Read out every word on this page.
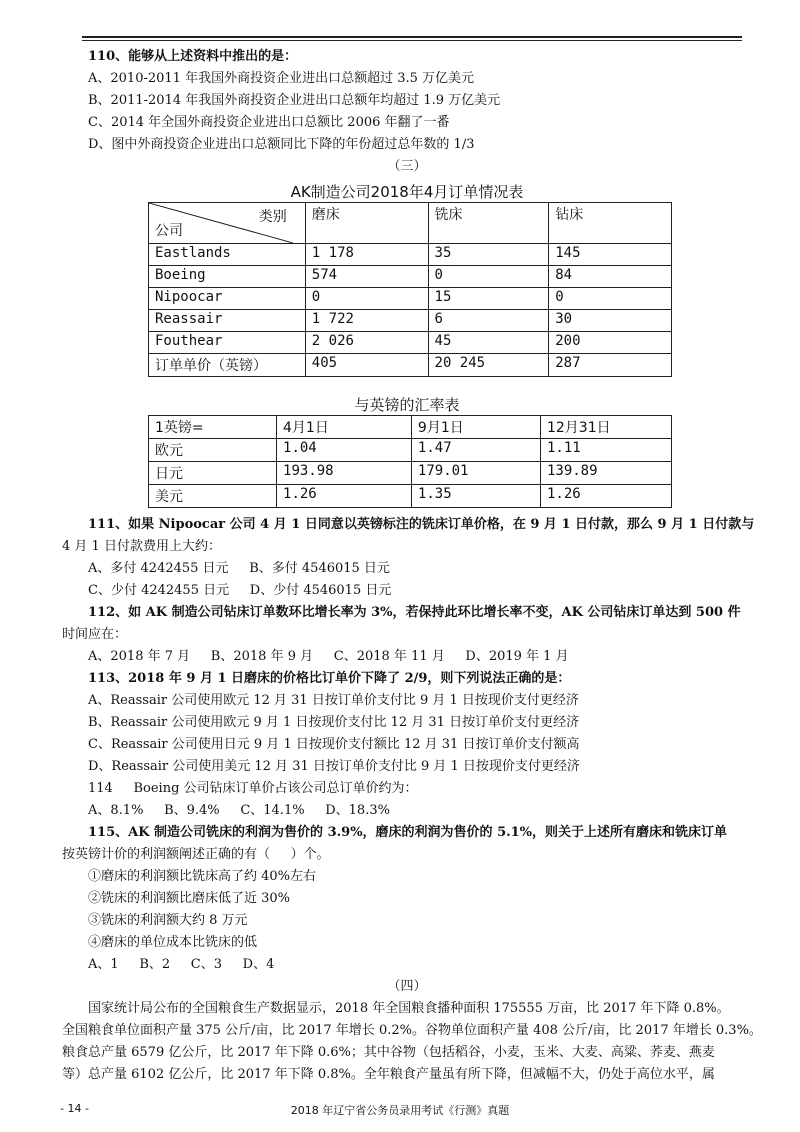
110、能够从上述资料中推出的是：
A、2010-2011 年我国外商投资企业进出口总额超过 3.5 万亿美元
B、2011-2014 年我国外商投资企业进出口总额年均超过 1.9 万亿美元
C、2014 年全国外商投资企业进出口总额比 2006 年翻了一番
D、图中外商投资企业进出口总额同比下降的年份超过总年数的 1/3
（三）
AK制造公司2018年4月订单情况表
类别
公司	磨床	铣床	钻床
Eastlands	1 178	35	145
Boeing	574	0	84
Nipoocar	0	15	0
Reassair	1 722	6	30
Fouthear	2 026	45	200
订单单价（英镑）	405	20 245	287
与英镑的汇率表
1英镑=	4月1日	9月1日	12月31日
欧元	1.04	1.47	1.11
日元	193.98	179.01	139.89
美元	1.26	1.35	1.26
111、如果 Nipoocar 公司 4 月 1 日同意以英镑标注的铣床订单价格，在 9 月 1 日付款，那么 9 月 1 日付款与
4 月 1 日付款费用上大约：
A、多付 4242455 日元     B、多付 4546015 日元
C、少付 4242455 日元     D、少付 4546015 日元
112、如 AK 制造公司钻床订单数环比增长率为 3%，若保持此环比增长率不变，AK 公司钻床订单达到 500 件
时间应在：
A、2018 年 7 月     B、2018 年 9 月     C、2018 年 11 月     D、2019 年 1 月
113、2018 年 9 月 1 日磨床的价格比订单价下降了 2/9，则下列说法正确的是：
A、Reassair 公司使用欧元 12 月 31 日按订单价支付比 9 月 1 日按现价支付更经济
B、Reassair 公司使用欧元 9 月 1 日按现价支付比 12 月 31 日按订单价支付更经济
C、Reassair 公司使用日元 9 月 1 日按现价支付额比 12 月 31 日按订单价支付额高
D、Reassair 公司使用美元 12 月 31 日按订单价支付比 9 月 1 日按现价支付更经济
114     Boeing 公司钻床订单价占该公司总订单价约为：
A、8.1%     B、9.4%     C、14.1%     D、18.3%
115、AK 制造公司铣床的利润为售价的 3.9%，磨床的利润为售价的 5.1%，则关于上述所有磨床和铣床订单
按英镑计价的利润额阐述正确的有（     ）个。
①磨床的利润额比铣床高了约 40%左右
②铣床的利润额比磨床低了近 30%
③铣床的利润额大约 8 万元
④磨床的单位成本比铣床的低
A、1     B、2     C、3     D、4
（四）
国家统计局公布的全国粮食生产数据显示，2018 年全国粮食播种面积 175555 万亩，比 2017 年下降 0.8%。
全国粮食单位面积产量 375 公斤/亩，比 2017 年增长 0.2%。谷物单位面积产量 408 公斤/亩，比 2017 年增长 0.3%。
粮食总产量 6579 亿公斤，比 2017 年下降 0.6%；其中谷物（包括稻谷，小麦，玉米、大麦、高粱、荞麦、燕麦
等）总产量 6102 亿公斤，比 2017 年下降 0.8%。全年粮食产量虽有所下降，但减幅不大，仍处于高位水平，属
2018 年辽宁省公务员录用考试《行测》真题
- 14 -
